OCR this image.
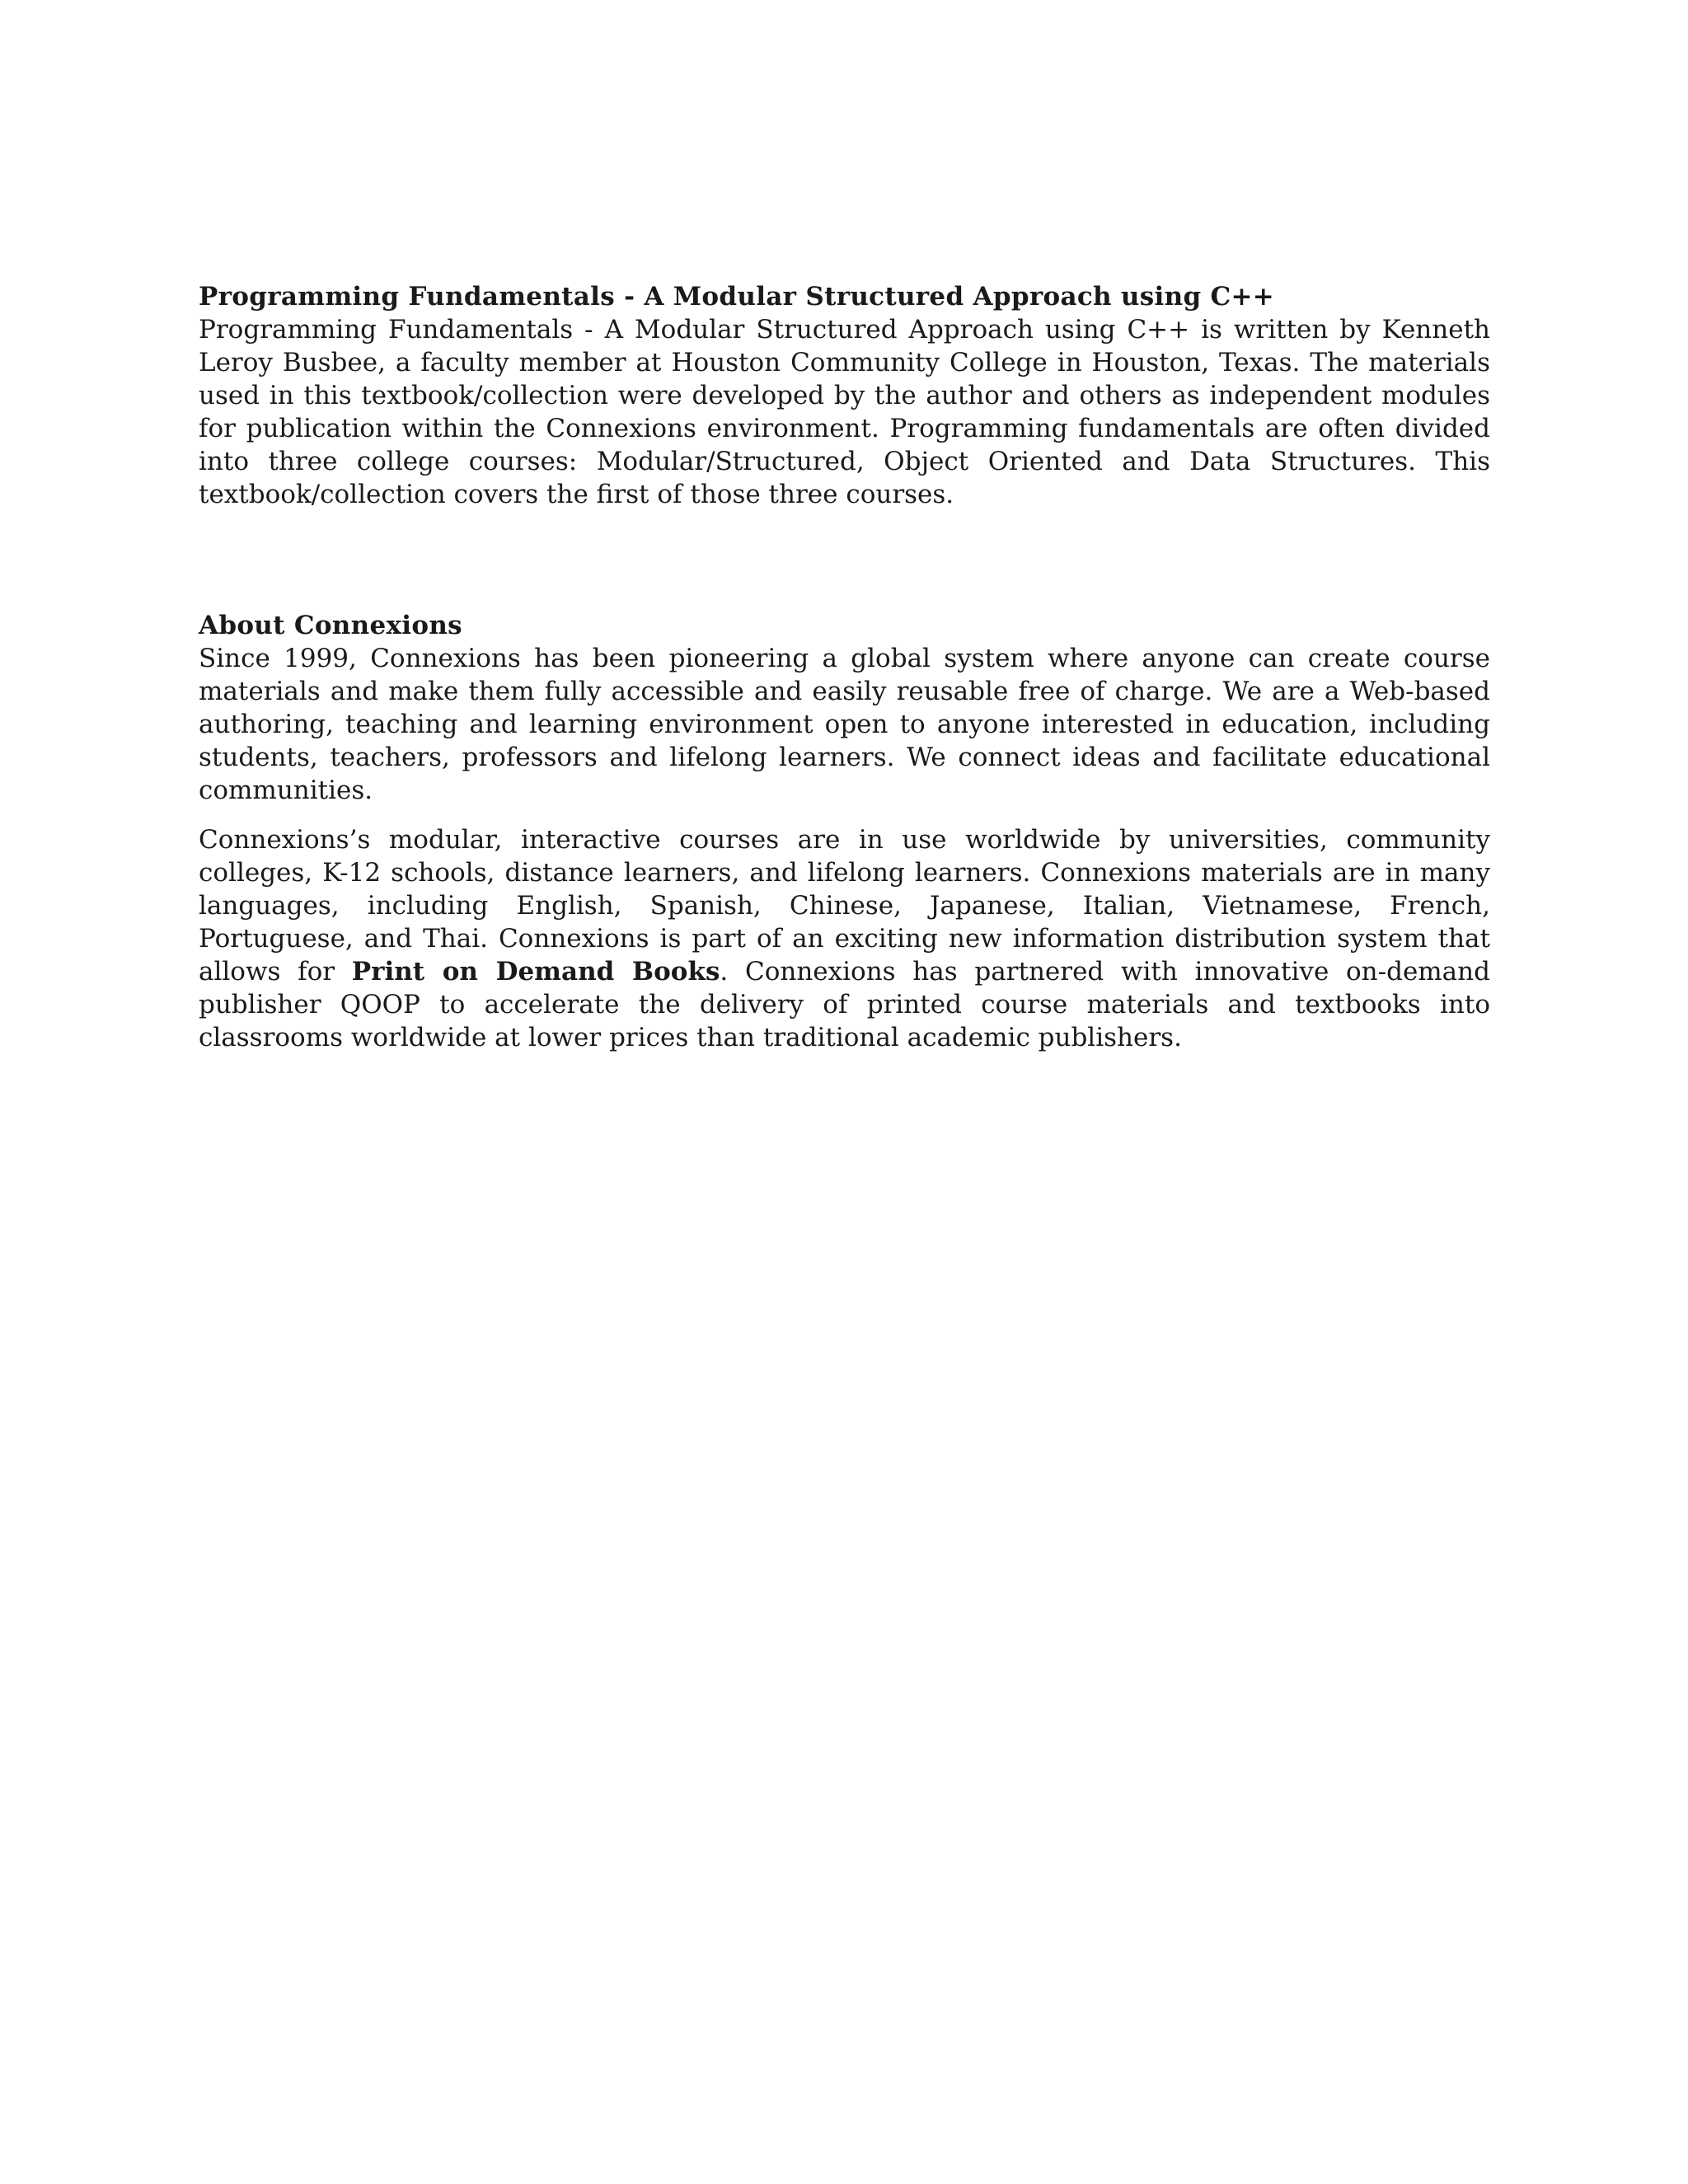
Programming Fundamentals - A Modular Structured Approach using C++

Programming Fundamentals - A Modular Structured Approach using C++ is written by Kenneth Leroy Busbee, a faculty member at Houston Community College in Houston, Texas. The materials used in this textbook/collection were developed by the author and others as independent modules for publication within the Connexions environment. Programming fundamentals are often divided into three college courses: Modular/Structured, Object Oriented and Data Structures. This textbook/collection covers the first of those three courses.

About Connexions

Since 1999, Connexions has been pioneering a global system where anyone can create course materials and make them fully accessible and easily reusable free of charge. We are a Web-based authoring, teaching and learning environment open to anyone interested in education, including students, teachers, professors and lifelong learners. We connect ideas and facilitate educational communities.

Connexions’s modular, interactive courses are in use worldwide by universities, community colleges, K-12 schools, distance learners, and lifelong learners. Connexions materials are in many languages, including English, Spanish, Chinese, Japanese, Italian, Vietnamese, French, Portuguese, and Thai. Connexions is part of an exciting new information distribution system that allows for Print on Demand Books. Connexions has partnered with innovative on-demand publisher QOOP to accelerate the delivery of printed course materials and textbooks into classrooms worldwide at lower prices than traditional academic publishers.
